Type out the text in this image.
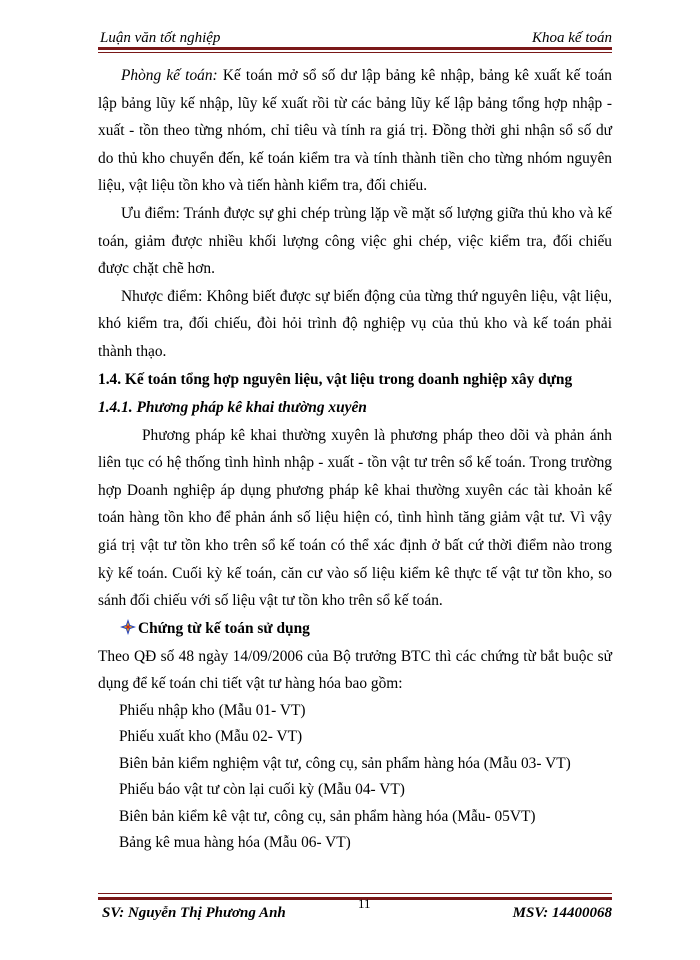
Luận văn tốt nghiệp	Khoa kế toán

Phòng kế toán: Kế toán mở sổ số dư lập bảng kê nhập, bảng kê xuất kế toán lập bảng lũy kế nhập, lũy kế xuất rồi từ các bảng lũy kế lập bảng tổng hợp nhập - xuất - tồn theo từng nhóm, chỉ tiêu và tính ra giá trị. Đồng thời ghi nhận sổ số dư do thủ kho chuyển đến, kế toán kiểm tra và tính thành tiền cho từng nhóm nguyên liệu, vật liệu tồn kho và tiến hành kiểm tra, đối chiếu.

Ưu điểm: Tránh được sự ghi chép trùng lặp về mặt số lượng giữa thủ kho và kế toán, giảm được nhiều khối lượng công việc ghi chép, việc kiểm tra, đối chiếu được chặt chẽ hơn.

Nhược điểm: Không biết được sự biến động của từng thứ nguyên liệu, vật liệu, khó kiểm tra, đối chiếu, đòi hỏi trình độ nghiệp vụ của thủ kho và kế toán phải thành thạo.

1.4. Kế toán tổng hợp nguyên liệu, vật liệu trong doanh nghiệp xây dựng

1.4.1. Phương pháp kê khai thường xuyên

Phương pháp kê khai thường xuyên là phương pháp theo dõi và phản ánh liên tục có hệ thống tình hình nhập - xuất - tồn vật tư trên sổ kế toán. Trong trường hợp Doanh nghiệp áp dụng phương pháp kê khai thường xuyên các tài khoản kế toán hàng tồn kho để phản ánh số liệu hiện có, tình hình tăng giảm vật tư. Vì vậy giá trị vật tư tồn kho trên sổ kế toán có thể xác định ở bất cứ thời điểm nào trong kỳ kế toán. Cuối kỳ kế toán, căn cư vào số liệu kiểm kê thực tế vật tư tồn kho, so sánh đối chiếu với số liệu vật tư tồn kho trên sổ kế toán.

Chứng từ kế toán sử dụng

Theo QĐ số 48 ngày 14/09/2006 của Bộ trưởng BTC thì các chứng từ bắt buộc sử dụng để kế toán chi tiết vật tư hàng hóa bao gồm:

Phiếu nhập kho (Mẫu 01- VT)

Phiếu xuất kho (Mẫu 02- VT)

Biên bản kiểm nghiệm vật tư, công cụ, sản phẩm hàng hóa (Mẫu 03- VT)

Phiếu báo vật tư còn lại cuối kỳ (Mẫu 04- VT)

Biên bản kiểm kê vật tư, công cụ, sản phẩm hàng hóa (Mẫu- 05VT)

Bảng kê mua hàng hóa (Mẫu 06- VT)

11
SV: Nguyễn Thị Phương Anh	MSV: 14400068
